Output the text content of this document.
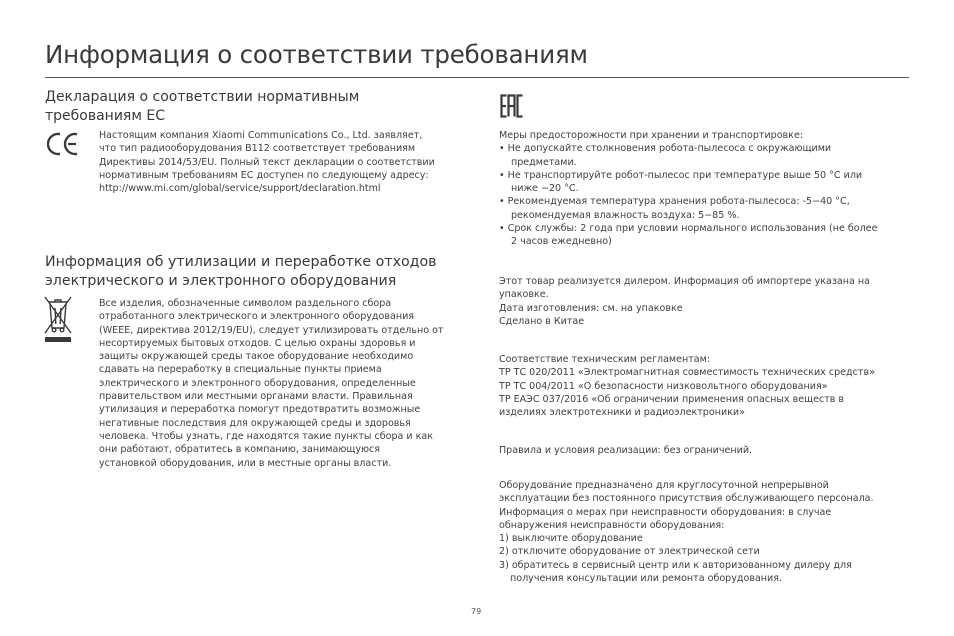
Информация о соответствии требованиям
Декларация о соответствии нормативным
требованиям ЕС
Настоящим компания Xiaomi Communications Co., Ltd. заявляет,
что тип радиооборудования B112 соответствует требованиям
Директивы 2014/53/EU. Полный текст декларации о соответствии
нормативным требованиям ЕС доступен по следующему адресу:
http://www.mi.com/global/service/support/declaration.html
Информация об утилизации и переработке отходов
электрического и электронного оборудования
Все изделия, обозначенные символом раздельного сбора
отработанного электрического и электронного оборудования
(WEEE, директива 2012/19/EU), следует утилизировать отдельно от
несортируемых бытовых отходов. С целью охраны здоровья и
защиты окружающей среды такое оборудование необходимо
сдавать на переработку в специальные пункты приема
электрического и электронного оборудования, определенные
правительством или местными органами власти. Правильная
утилизация и переработка помогут предотвратить возможные
негативные последствия для окружающей среды и здоровья
человека. Чтобы узнать, где находятся такие пункты сбора и как
они работают, обратитесь в компанию, занимающуюся
установкой оборудования, или в местные органы власти.
Меры предосторожности при хранении и транспортировке:
• Не допускайте столкновения робота-пылесоса с окружающими
предметами.
• Не транспортируйте робот-пылесос при температуре выше 50 °C или
ниже −20 °C.
• Рекомендуемая температура хранения робота-пылесоса: -5−40 °C,
рекомендуемая влажность воздуха: 5−85 %.
• Срок службы: 2 года при условии нормального использования (не более
2 часов ежедневно)
Этот товар реализуется дилером. Информация об импортере указана на
упаковке.
Дата изготовления: см. на упаковке
Сделано в Китае
Соответствие техническим регламентам:
ТР ТС 020/2011 «Электромагнитная совместимость технических средств»
ТР ТС 004/2011 «О безопасности низковольтного оборудования»
ТР ЕАЭС 037/2016 «Об ограничении применения опасных веществ в
изделиях электротехники и радиоэлектроники»
Правила и условия реализации: без ограничений.
Оборудование предназначено для круглосуточной непрерывной
эксплуатации без постоянного присутствия обслуживающего персонала.
Информация о мерах при неисправности оборудования: в случае
обнаружения неисправности оборудования:
1) выключите оборудование
2) отключите оборудование от электрической сети
3) обратитесь в сервисный центр или к авторизованному дилеру для
получения консультации или ремонта оборудования.
79
